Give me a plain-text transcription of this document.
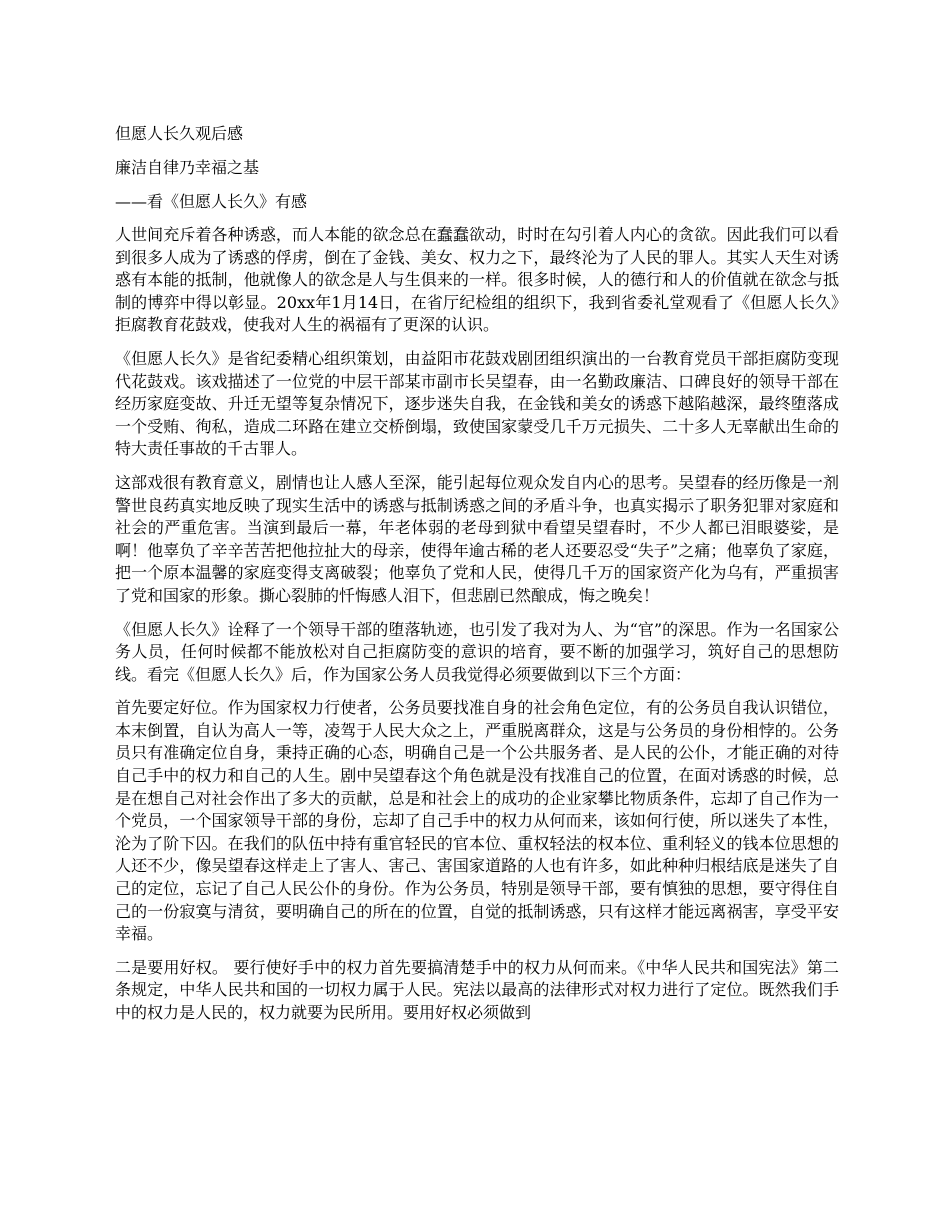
但愿人长久观后感
廉洁自律乃幸福之基
——看《但愿人长久》有感
人世间充斥着各种诱惑，而人本能的欲念总在蠢蠢欲动，时时在勾引着人内心的贪欲。因此我们可以看到很多人成为了诱惑的俘虏，倒在了金钱、美女、权力之下，最终沦为了人民的罪人。其实人天生对诱惑有本能的抵制，他就像人的欲念是人与生俱来的一样。很多时候，人的德行和人的价值就在欲念与抵制的博弈中得以彰显。20xx年1月14日，在省厅纪检组的组织下，我到省委礼堂观看了《但愿人长久》拒腐教育花鼓戏，使我对人生的祸福有了更深的认识。
《但愿人长久》是省纪委精心组织策划，由益阳市花鼓戏剧团组织演出的一台教育党员干部拒腐防变现代花鼓戏。该戏描述了一位党的中层干部某市副市长吴望春，由一名勤政廉洁、口碑良好的领导干部在经历家庭变故、升迁无望等复杂情况下，逐步迷失自我，在金钱和美女的诱惑下越陷越深，最终堕落成一个受贿、徇私，造成二环路在建立交桥倒塌，致使国家蒙受几千万元损失、二十多人无辜献出生命的特大责任事故的千古罪人。
这部戏很有教育意义，剧情也让人感人至深，能引起每位观众发自内心的思考。吴望春的经历像是一剂警世良药真实地反映了现实生活中的诱惑与抵制诱惑之间的矛盾斗争，也真实揭示了职务犯罪对家庭和社会的严重危害。当演到最后一幕，年老体弱的老母到狱中看望吴望春时，不少人都已泪眼婆娑，是啊！他辜负了辛辛苦苦把他拉扯大的母亲，使得年逾古稀的老人还要忍受“失子”之痛；他辜负了家庭，把一个原本温馨的家庭变得支离破裂；他辜负了党和人民，使得几千万的国家资产化为乌有，严重损害了党和国家的形象。撕心裂肺的忏悔感人泪下，但悲剧已然酿成，悔之晚矣！
《但愿人长久》诠释了一个领导干部的堕落轨迹，也引发了我对为人、为“官”的深思。作为一名国家公务人员，任何时候都不能放松对自己拒腐防变的意识的培育，要不断的加强学习，筑好自己的思想防线。看完《但愿人长久》后，作为国家公务人员我觉得必须要做到以下三个方面：
首先要定好位。作为国家权力行使者，公务员要找准自身的社会角色定位，有的公务员自我认识错位，本末倒置，自认为高人一等，凌驾于人民大众之上，严重脱离群众，这是与公务员的身份相悖的。公务员只有准确定位自身，秉持正确的心态，明确自己是一个公共服务者、是人民的公仆，才能正确的对待自己手中的权力和自己的人生。剧中吴望春这个角色就是没有找准自己的位置，在面对诱惑的时候，总是在想自己对社会作出了多大的贡献，总是和社会上的成功的企业家攀比物质条件，忘却了自己作为一个党员，一个国家领导干部的身份，忘却了自己手中的权力从何而来，该如何行使，所以迷失了本性，沦为了阶下囚。在我们的队伍中持有重官轻民的官本位、重权轻法的权本位、重利轻义的钱本位思想的人还不少，像吴望春这样走上了害人、害己、害国家道路的人也有许多，如此种种归根结底是迷失了自己的定位，忘记了自己人民公仆的身份。作为公务员，特别是领导干部，要有慎独的思想，要守得住自己的一份寂寞与清贫，要明确自己的所在的位置，自觉的抵制诱惑，只有这样才能远离祸害，享受平安幸福。
二是要用好权。 要行使好手中的权力首先要搞清楚手中的权力从何而来。《中华人民共和国宪法》第二条规定，中华人民共和国的一切权力属于人民。宪法以最高的法律形式对权力进行了定位。既然我们手中的权力是人民的，权力就要为民所用。要用好权必须做到
